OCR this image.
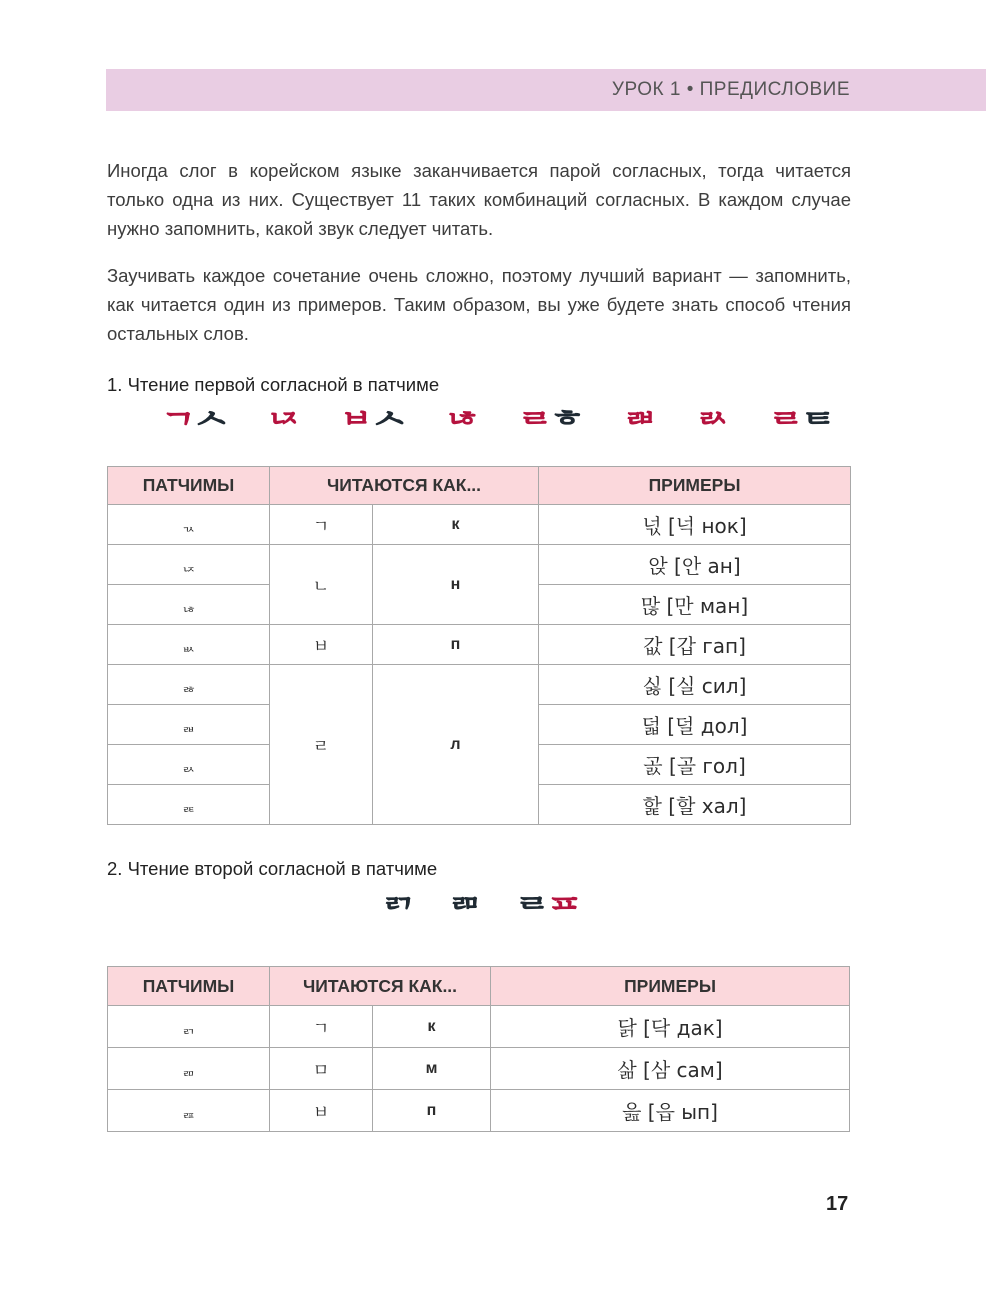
УРОК 1 • ПРЕДИСЛОВИЕ

Иногда слог в корейском языке заканчивается парой согласных, тогда читается только одна из них. Существует 11 таких комбинаций согласных. В каждом случае нужно запомнить, какой звук следует читать.

Заучивать каждое сочетание очень сложно, поэтому лучший вариант — запомнить, как читается один из примеров. Таким образом, вы уже будете знать способ чтения остальных слов.

1. Чтение первой согласной в патчиме
ᄀᄉ ᄂ ᄇᄉ ᄂ ᄅᄒ ᄅ ᄅ ᄅᄐ
ПАТЧИМЫ	ЧИТАЮТСЯ КАК...		ПРИМЕРЫ
ᆪ	ㄱ	к	넋 [넉 нок]
ᆬ	ㄴ	н	앉 [안 ан]
ᆭ			많 [만 ман]
ᆹ	ㅂ	п	값 [갑 гап]
ᆶ	ㄹ	л	싫 [실 сил]
ᆲ			덟 [덜 дол]
ᆳ			곬 [골 гол]
ᆴ			핥 [할 хал]
2. Чтение второй согласной в патчиме
ᄅ ᄅ ᄅᄑ
ПАТЧИМЫ	ЧИТАЮТСЯ КАК...		ПРИМЕРЫ
ᆰ	ㄱ	к	닭 [닥 дак]
ᆱ	ㅁ	м	삶 [삼 сам]
ᆵ	ㅂ	п	읊 [읍 ып]
17
